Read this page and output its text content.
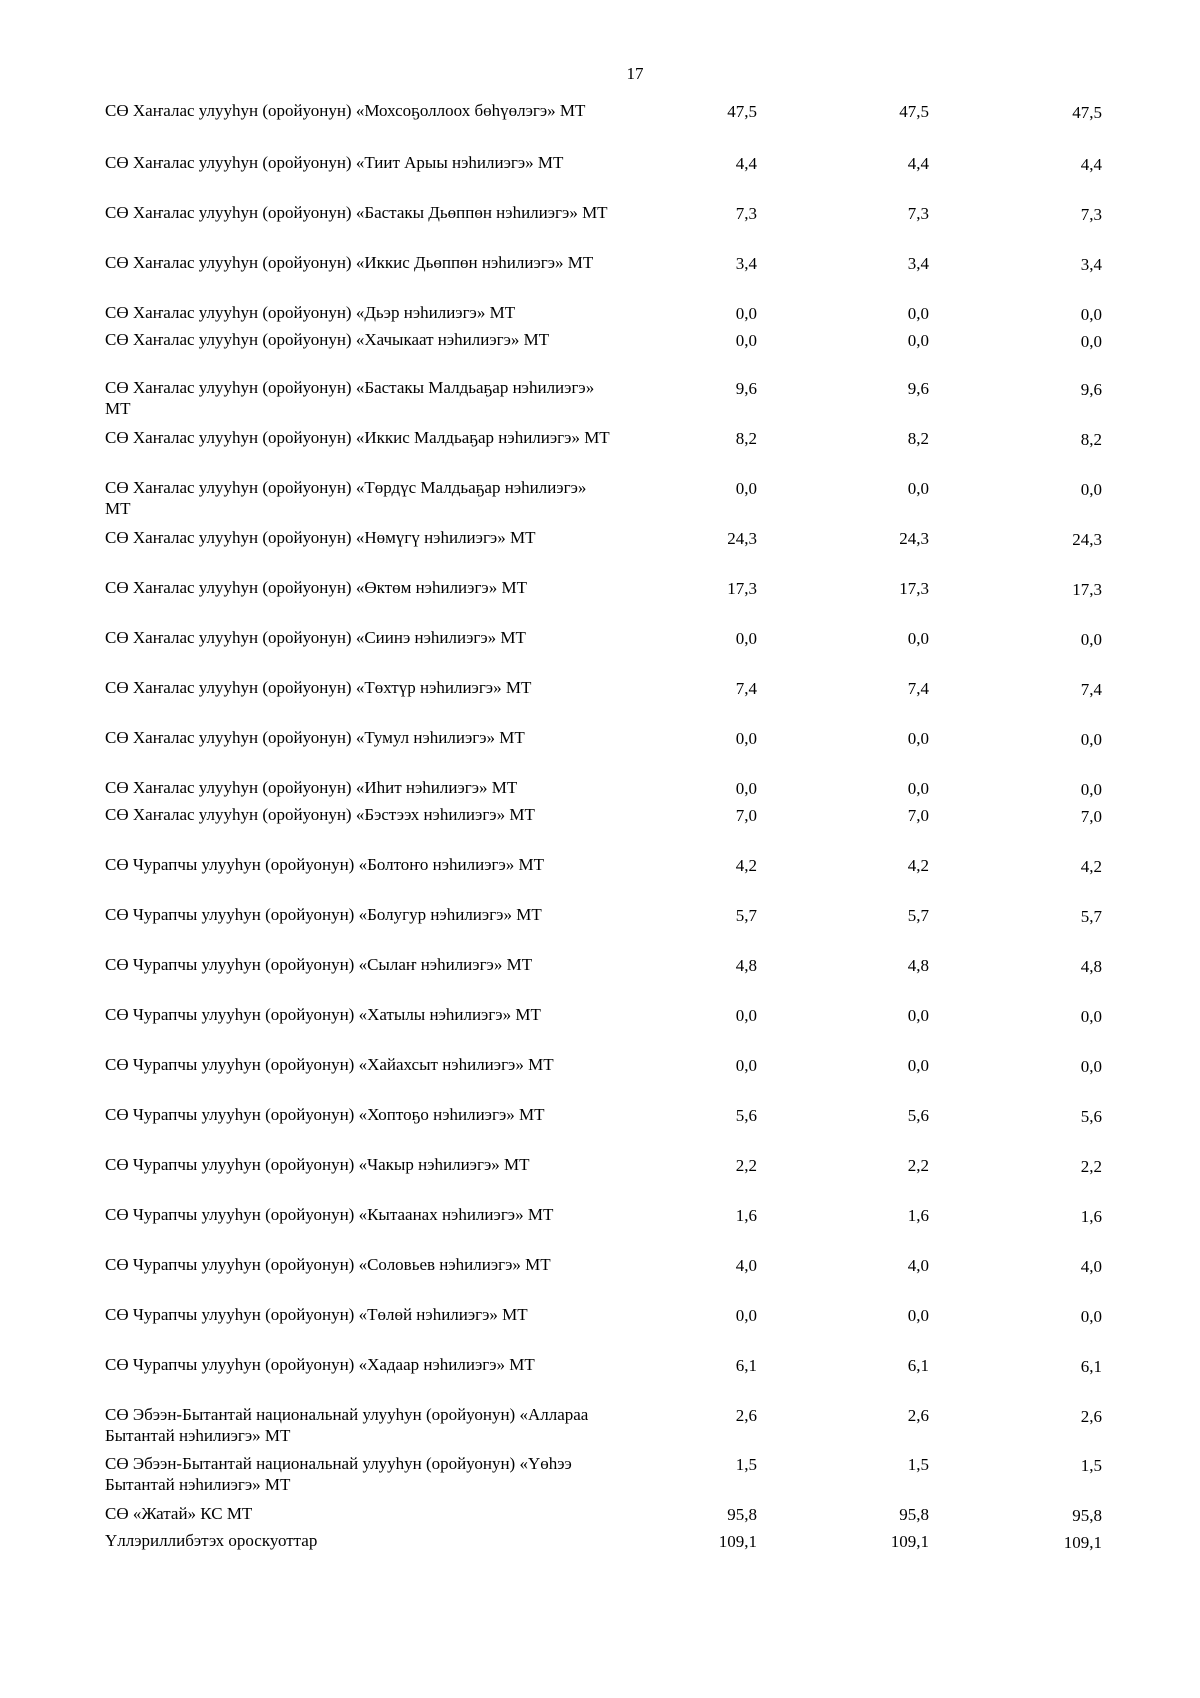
17
СӨ Хаҥалас улууһун (оройуонун) «Мохсоҕоллоох бөһүөлэгэ» МТ	47,5	47,5	47,5
СӨ Хаҥалас улууһун (оройуонун) «Тиит Арыы нэһилиэгэ» МТ	4,4	4,4	4,4
СӨ Хаҥалас улууһун (оройуонун) «Бастакы Дьөппөн нэһилиэгэ» МТ	7,3	7,3	7,3
СӨ Хаҥалас улууһун (оройуонун) «Иккис Дьөппөн нэһилиэгэ» МТ	3,4	3,4	3,4
СӨ Хаҥалас улууһун (оройуонун) «Дьэр нэһилиэгэ» МТ	0,0	0,0	0,0
СӨ Хаҥалас улууһун (оройуонун) «Хачыкаат нэһилиэгэ» МТ	0,0	0,0	0,0
СӨ Хаҥалас улууһун (оройуонун) «Бастакы Малдьаҕар нэһилиэгэ» МТ
9,6	9,6	9,6
СӨ Хаҥалас улууһун (оройуонун) «Иккис Малдьаҕар нэһилиэгэ» МТ	8,2	8,2	8,2
СӨ Хаҥалас улууһун (оройуонун) «Төрдүс Малдьаҕар нэһилиэгэ» МТ
0,0	0,0	0,0
СӨ Хаҥалас улууһун (оройуонун) «Нөмүгү нэһилиэгэ» МТ	24,3	24,3	24,3
СӨ Хаҥалас улууһун (оройуонун) «Өктөм нэһилиэгэ» МТ	17,3	17,3	17,3
СӨ Хаҥалас улууһун (оройуонун) «Сиинэ нэһилиэгэ» МТ	0,0	0,0	0,0
СӨ Хаҥалас улууһун (оройуонун) «Төхтүр нэһилиэгэ» МТ	7,4	7,4	7,4
СӨ Хаҥалас улууһун (оройуонун) «Тумул нэһилиэгэ» МТ	0,0	0,0	0,0
СӨ Хаҥалас улууһун (оройуонун) «Иһит нэһилиэгэ» МТ	0,0	0,0	0,0
СӨ Хаҥалас улууһун (оройуонун) «Бэстээх нэһилиэгэ» МТ	7,0	7,0	7,0
СӨ Чурапчы улууһун (оройуонун) «Болтоҥо нэһилиэгэ» МТ	4,2	4,2	4,2
СӨ Чурапчы улууһун (оройуонун) «Болугур нэһилиэгэ» МТ	5,7	5,7	5,7
СӨ Чурапчы улууһун (оройуонун) «Сылаҥ нэһилиэгэ» МТ	4,8	4,8	4,8
СӨ Чурапчы улууһун (оройуонун) «Хатылы нэһилиэгэ» МТ	0,0	0,0	0,0
СӨ Чурапчы улууһун (оройуонун) «Хайахсыт нэһилиэгэ» МТ	0,0	0,0	0,0
СӨ Чурапчы улууһун (оройуонун) «Хоптоҕо нэһилиэгэ» МТ	5,6	5,6	5,6
СӨ Чурапчы улууһун (оройуонун) «Чакыр нэһилиэгэ» МТ	2,2	2,2	2,2
СӨ Чурапчы улууһун (оройуонун) «Кытаанах нэһилиэгэ» МТ	1,6	1,6	1,6
СӨ Чурапчы улууһун (оройуонун) «Соловьев нэһилиэгэ» МТ	4,0	4,0	4,0
СӨ Чурапчы улууһун (оройуонун) «Төлөй нэһилиэгэ» МТ	0,0	0,0	0,0
СӨ Чурапчы улууһун (оройуонун) «Хадаар нэһилиэгэ» МТ	6,1	6,1	6,1
СӨ Эбээн-Бытантай национальнай улууһун (оройуонун) «Аллараа Бытантай нэһилиэгэ» МТ
2,6	2,6	2,6
СӨ Эбээн-Бытантай национальнай улууһун (оройуонун) «Үөһээ Бытантай нэһилиэгэ» МТ
1,5	1,5	1,5
СӨ «Жатай» КС МТ	95,8	95,8	95,8
Үллэриллибэтэх ороскуоттар	109,1	109,1	109,1
